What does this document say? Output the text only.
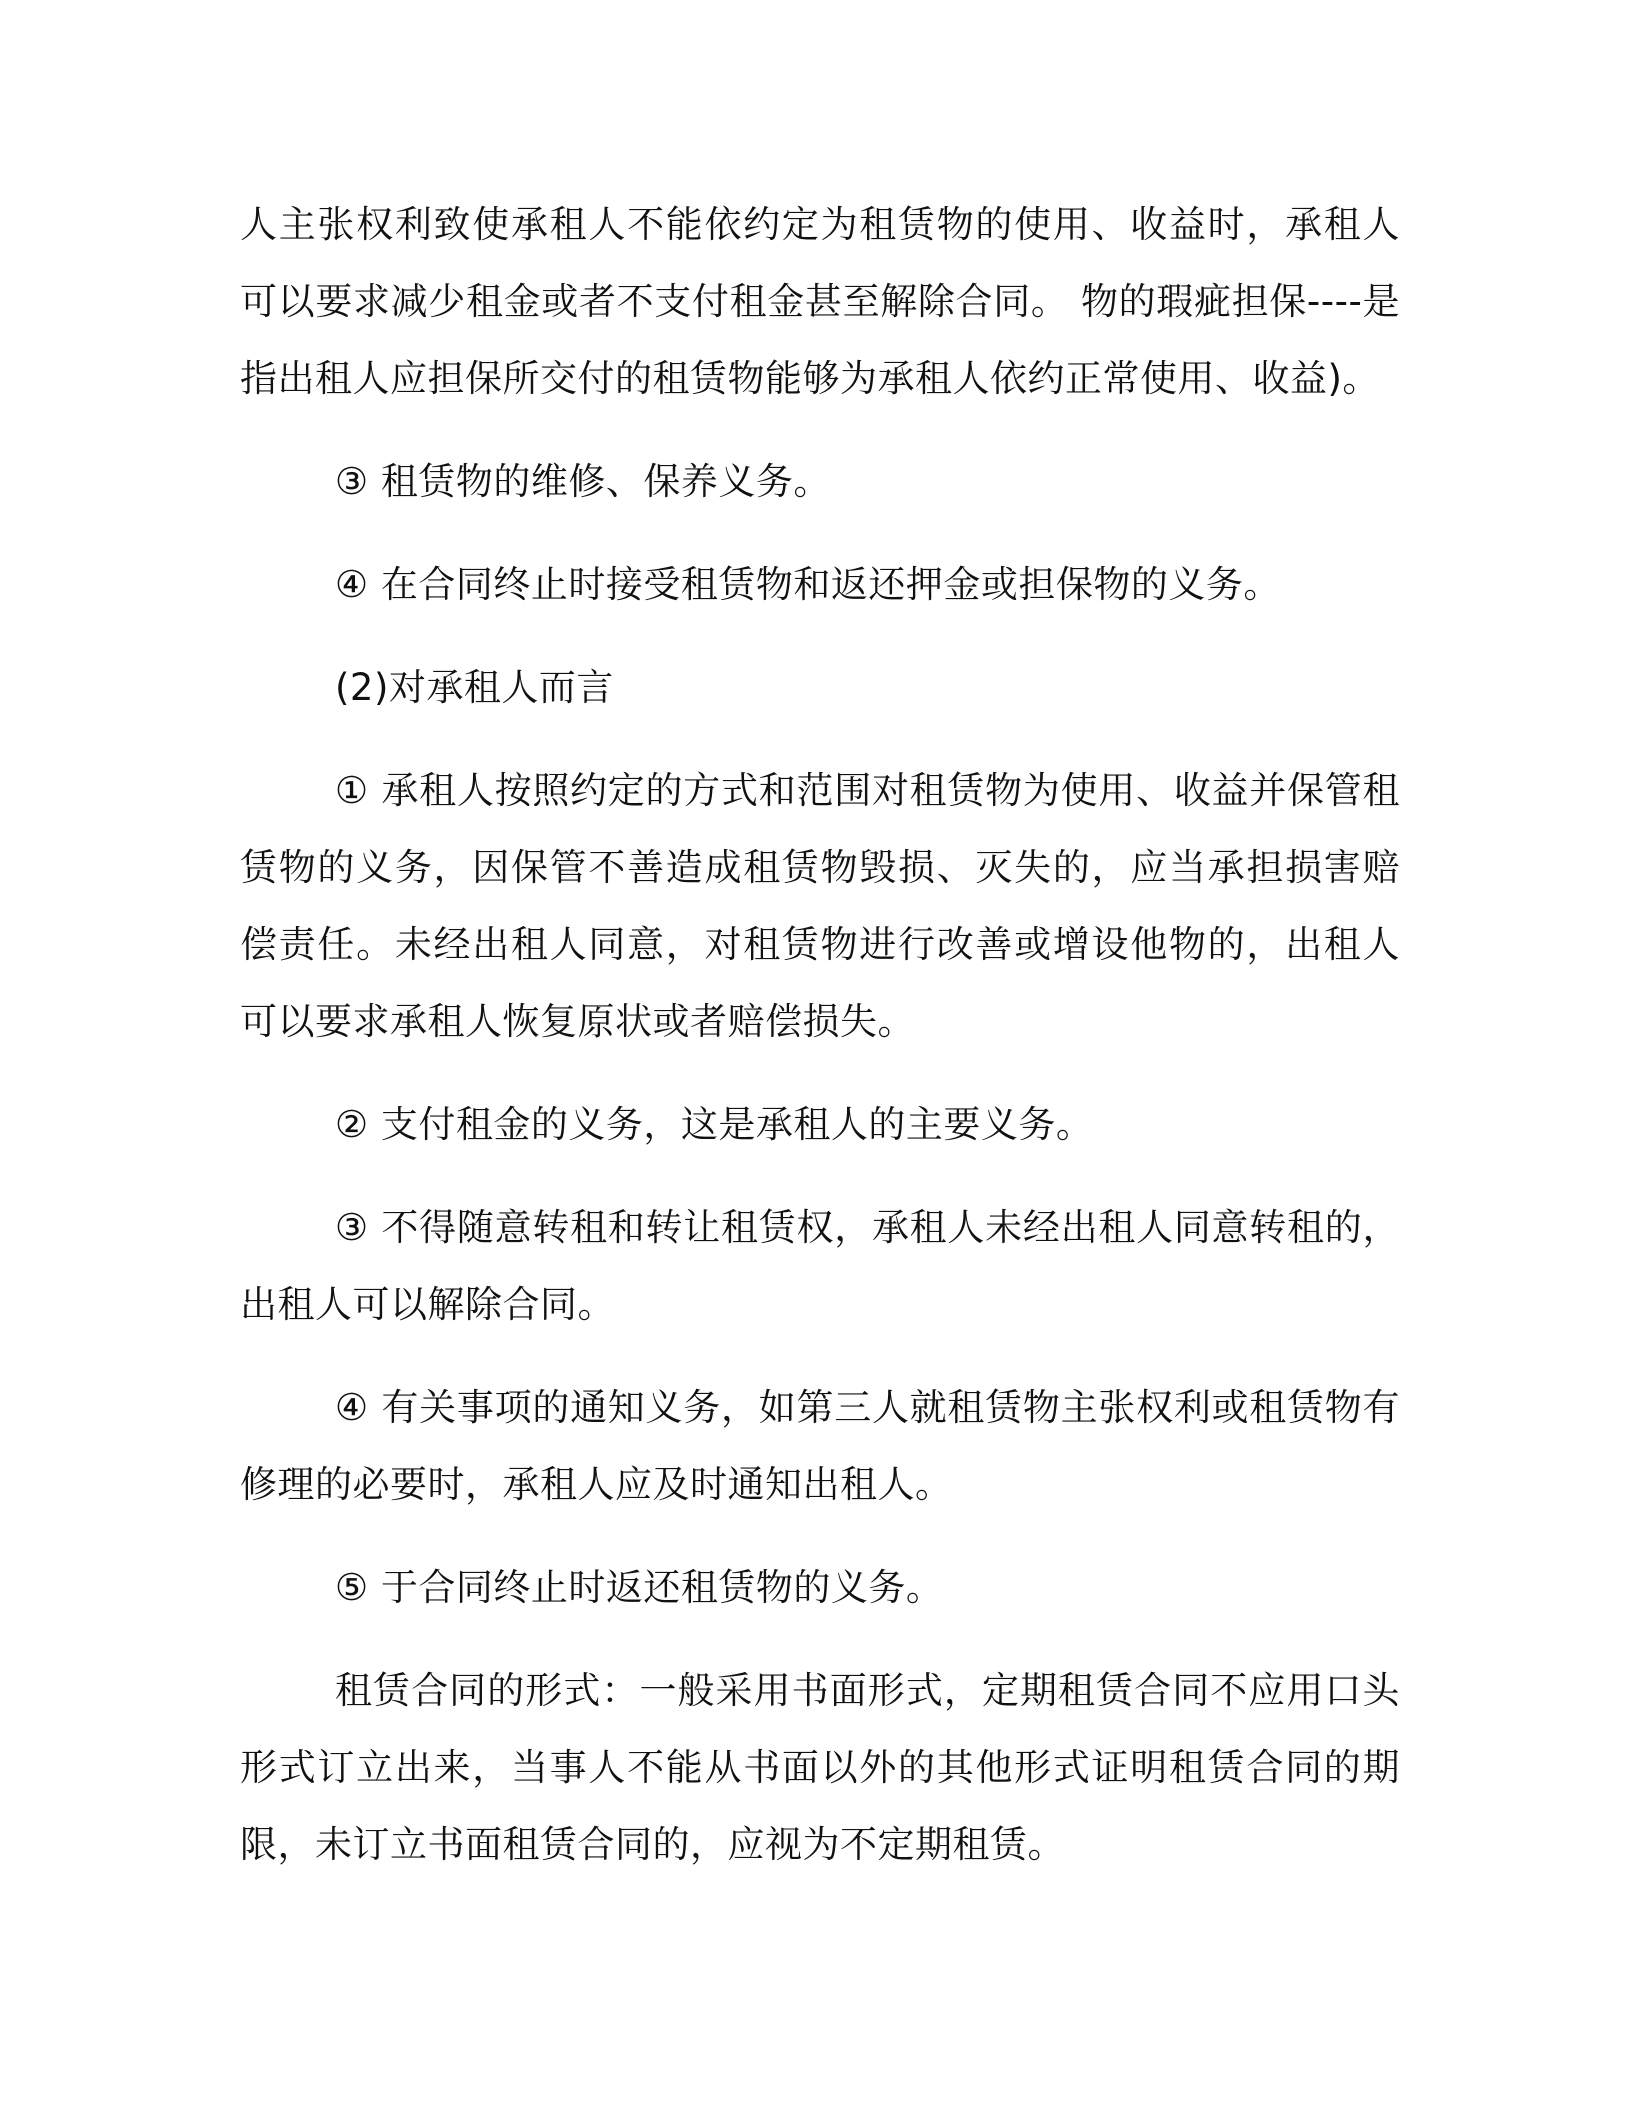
人主张权利致使承租人不能依约定为租赁物的使用、收益时，承租人可以要求减少租金或者不支付租金甚至解除合同。 物的瑕疵担保----是指出租人应担保所交付的租赁物能够为承租人依约正常使用、收益)。

③ 租赁物的维修、保养义务。

④ 在合同终止时接受租赁物和返还押金或担保物的义务。

(2)对承租人而言

① 承租人按照约定的方式和范围对租赁物为使用、收益并保管租赁物的义务，因保管不善造成租赁物毁损、灭失的，应当承担损害赔偿责任。未经出租人同意，对租赁物进行改善或增设他物的，出租人可以要求承租人恢复原状或者赔偿损失。

② 支付租金的义务，这是承租人的主要义务。

③ 不得随意转租和转让租赁权，承租人未经出租人同意转租的，出租人可以解除合同。

④ 有关事项的通知义务，如第三人就租赁物主张权利或租赁物有修理的必要时，承租人应及时通知出租人。

⑤ 于合同终止时返还租赁物的义务。

租赁合同的形式：一般采用书面形式，定期租赁合同不应用口头形式订立出来，当事人不能从书面以外的其他形式证明租赁合同的期限，未订立书面租赁合同的，应视为不定期租赁。
